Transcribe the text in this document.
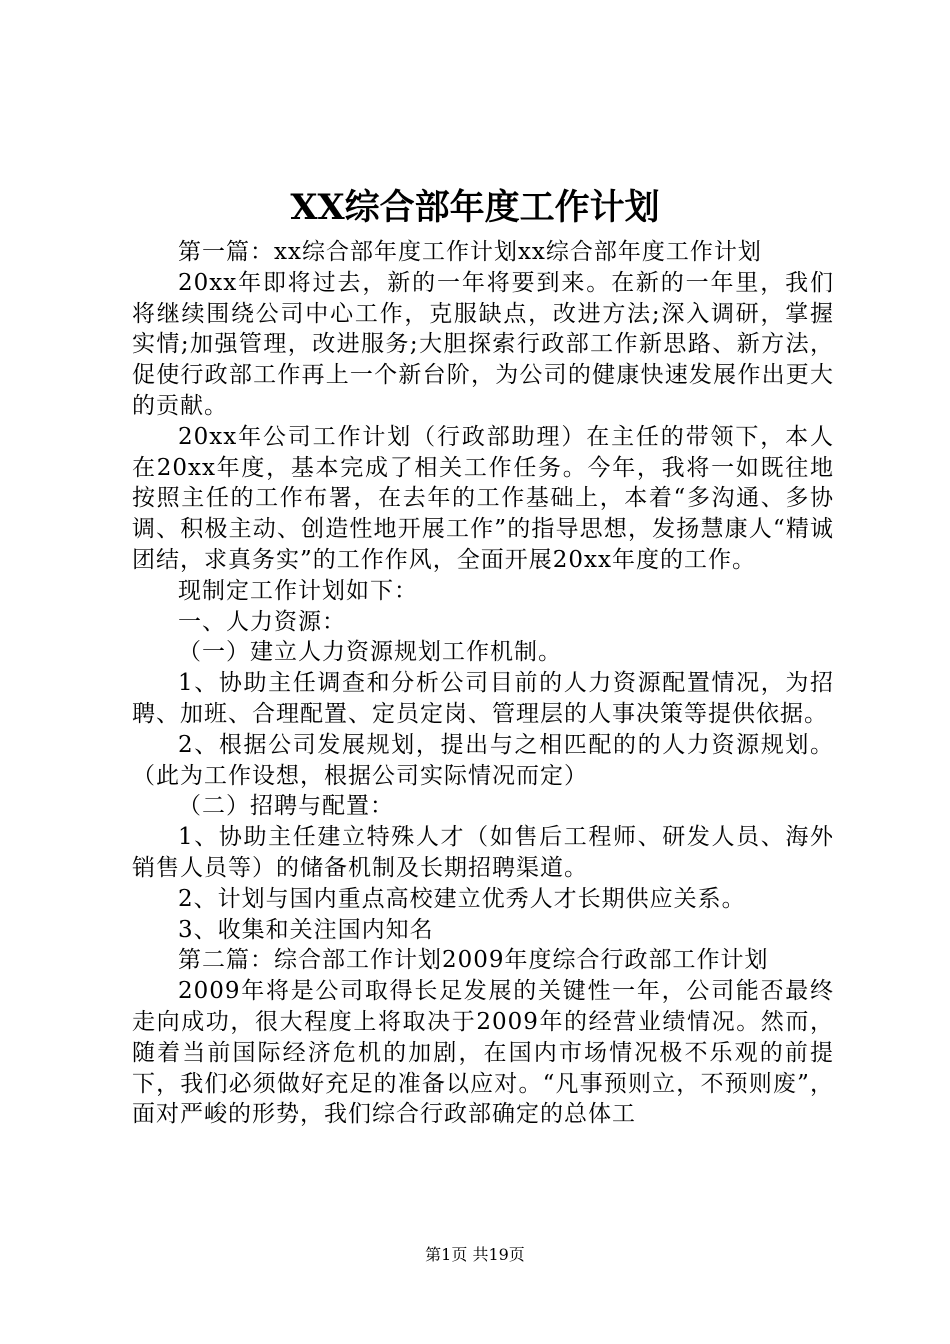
XX综合部年度工作计划

第一篇：xx综合部年度工作计划xx综合部年度工作计划

20xx年即将过去，新的一年将要到来。在新的一年里，我们将继续围绕公司中心工作，克服缺点，改进方法;深入调研，掌握实情;加强管理，改进服务;大胆探索行政部工作新思路、新方法，促使行政部工作再上一个新台阶，为公司的健康快速发展作出更大的贡献。

20xx年公司工作计划（行政部助理）在主任的带领下，本人在20xx年度，基本完成了相关工作任务。今年，我将一如既往地按照主任的工作布署，在去年的工作基础上，本着“多沟通、多协调、积极主动、创造性地开展工作”的指导思想，发扬慧康人“精诚团结，求真务实”的工作作风，全面开展20xx年度的工作。

现制定工作计划如下：

一、人力资源：

（一）建立人力资源规划工作机制。

1、协助主任调查和分析公司目前的人力资源配置情况，为招聘、加班、合理配置、定员定岗、管理层的人事决策等提供依据。

2、根据公司发展规划，提出与之相匹配的的人力资源规划。（此为工作设想，根据公司实际情况而定）

（二）招聘与配置：

1、协助主任建立特殊人才（如售后工程师、研发人员、海外销售人员等）的储备机制及长期招聘渠道。

2、计划与国内重点高校建立优秀人才长期供应关系。

3、收集和关注国内知名

第二篇：综合部工作计划2009年度综合行政部工作计划

2009年将是公司取得长足发展的关键性一年，公司能否最终走向成功，很大程度上将取决于2009年的经营业绩情况。然而，随着当前国际经济危机的加剧，在国内市场情况极不乐观的前提下，我们必须做好充足的准备以应对。“凡事预则立，不预则废”，面对严峻的形势，我们综合行政部确定的总体工

第1页 共19页
